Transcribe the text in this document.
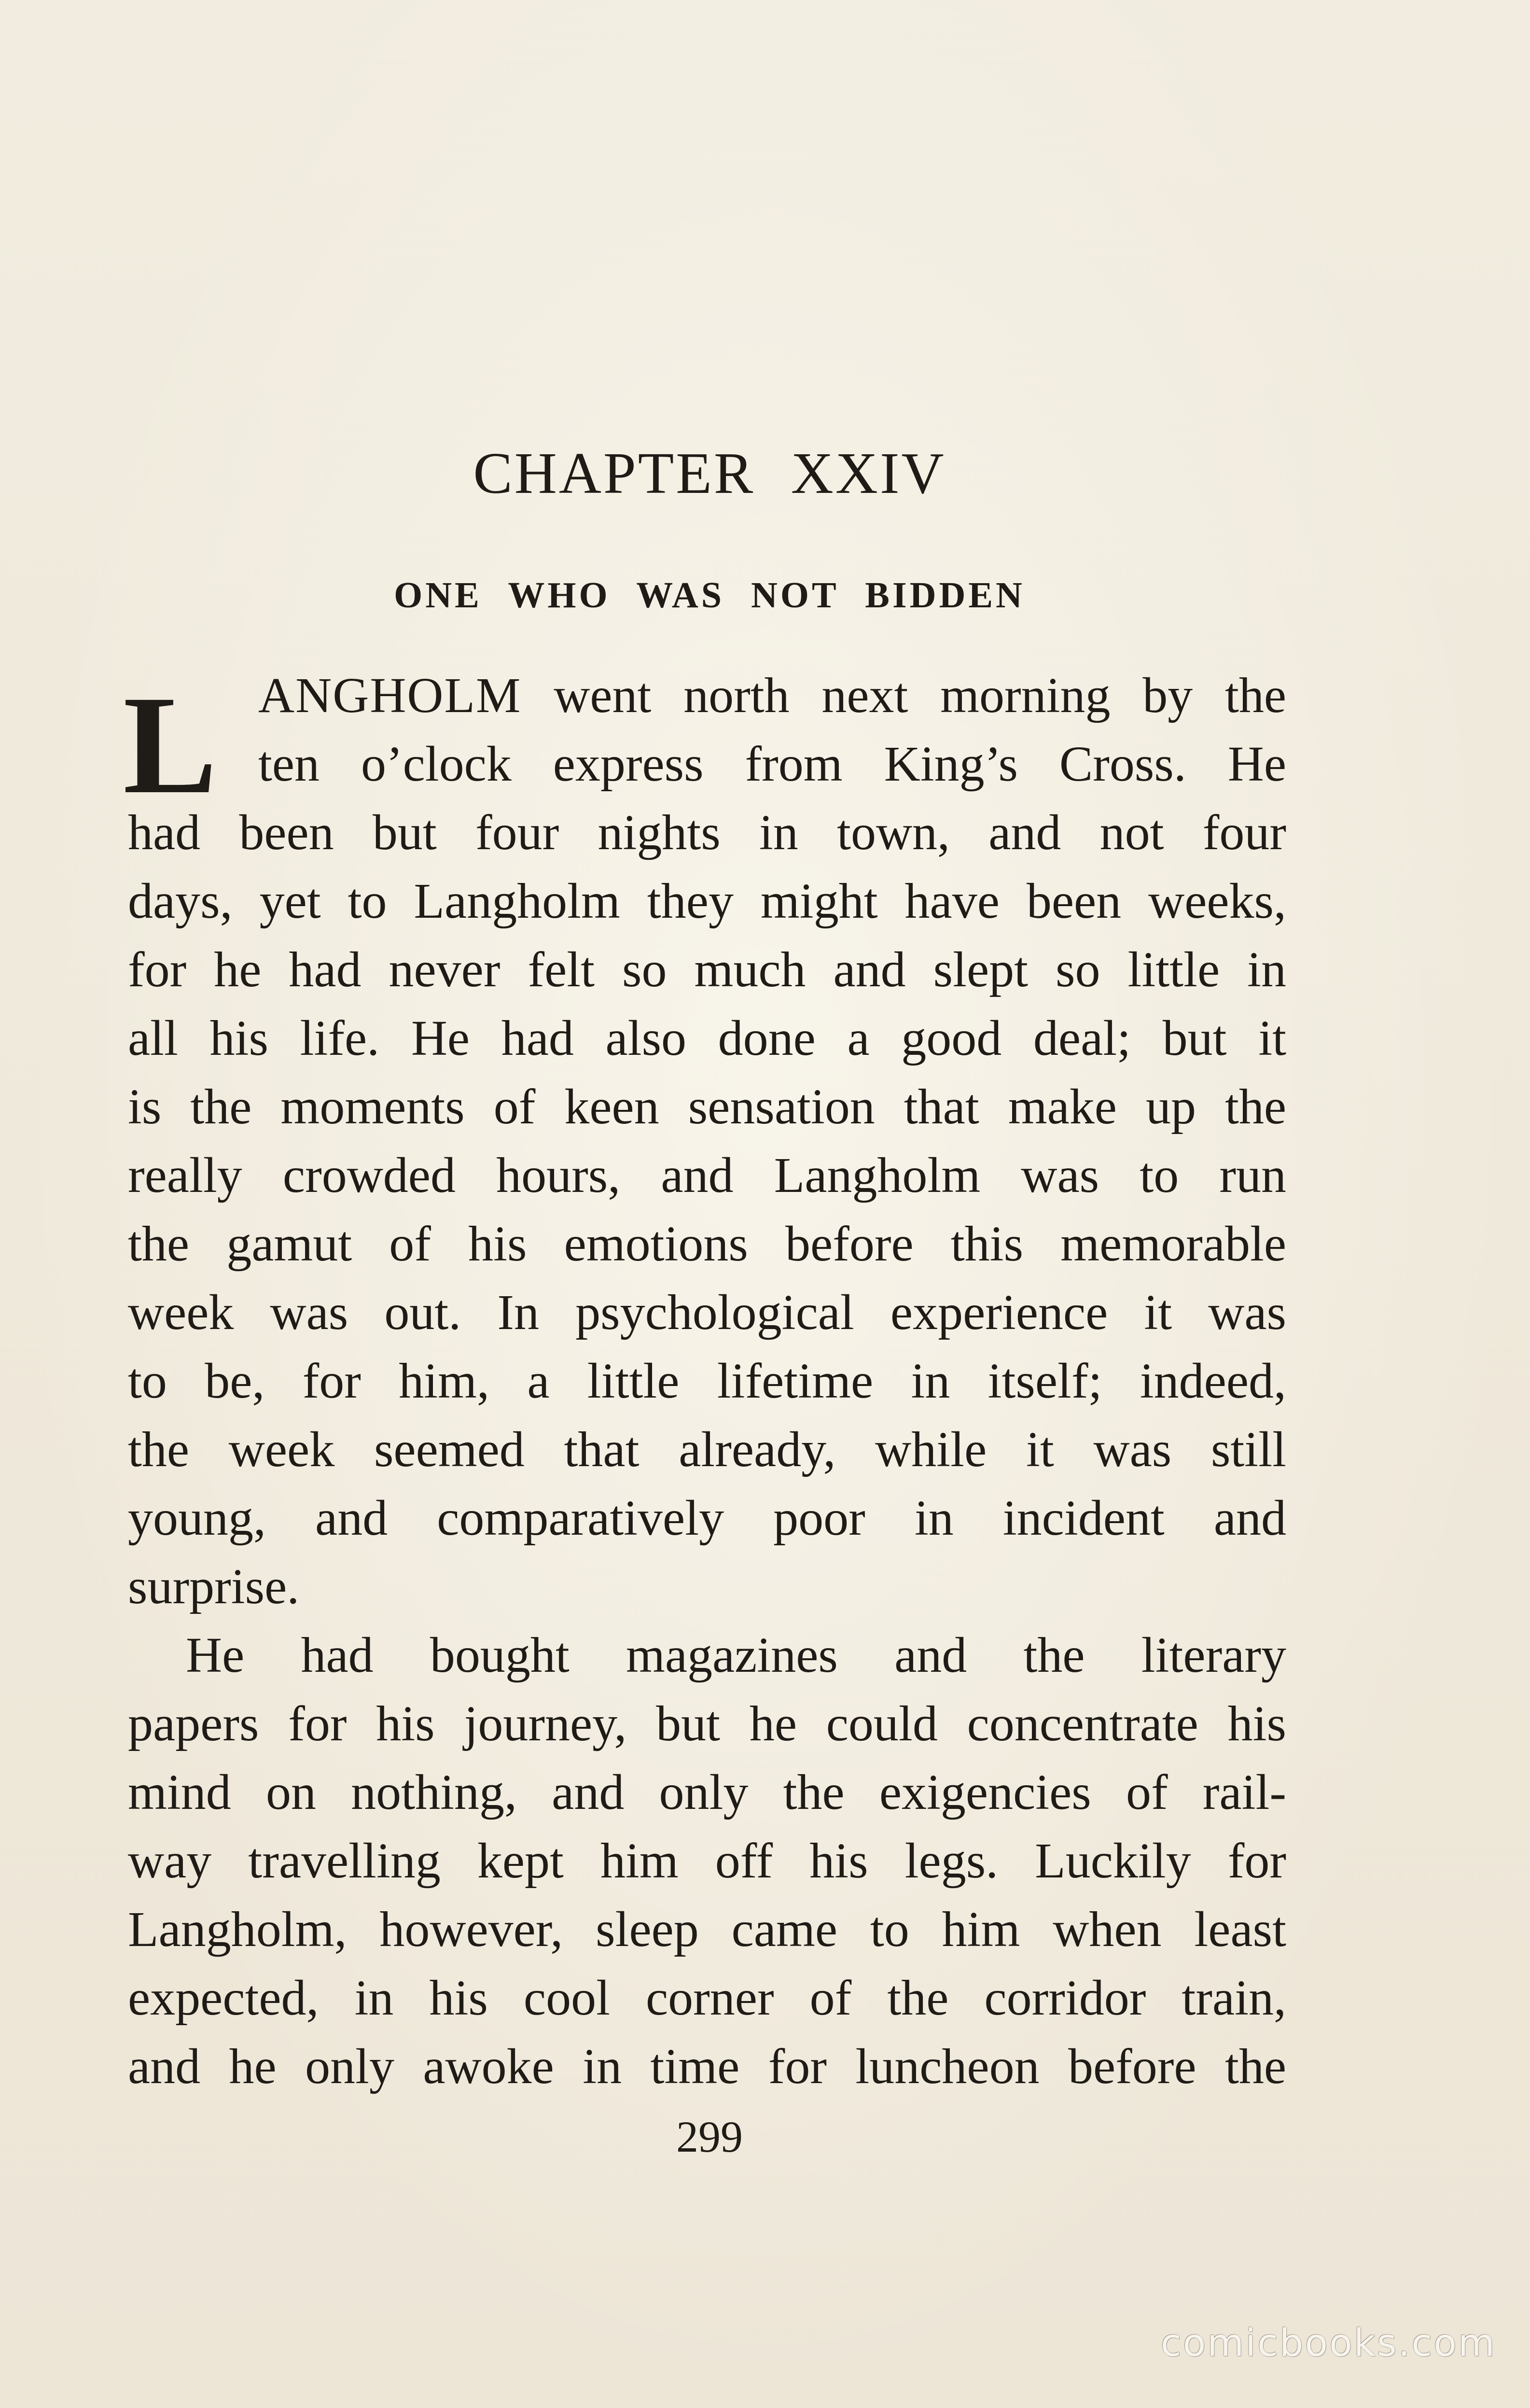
CHAPTER XXIV
ONE WHO WAS NOT BIDDEN
L ANGHOLM went north next morning by the
ten o’clock express from King’s Cross. He
had been but four nights in town, and not four
days, yet to Langholm they might have been weeks,
for he had never felt so much and slept so little in
all his life. He had also done a good deal; but it
is the moments of keen sensation that make up the
really crowded hours, and Langholm was to run
the gamut of his emotions before this memorable
week was out. In psychological experience it was
to be, for him, a little lifetime in itself; indeed,
the week seemed that already, while it was still
young, and comparatively poor in incident and
surprise.
He had bought magazines and the literary
papers for his journey, but he could concentrate his
mind on nothing, and only the exigencies of rail-
way travelling kept him off his legs. Luckily for
Langholm, however, sleep came to him when least
expected, in his cool corner of the corridor train,
and he only awoke in time for luncheon before the
299
comicbooks.com
